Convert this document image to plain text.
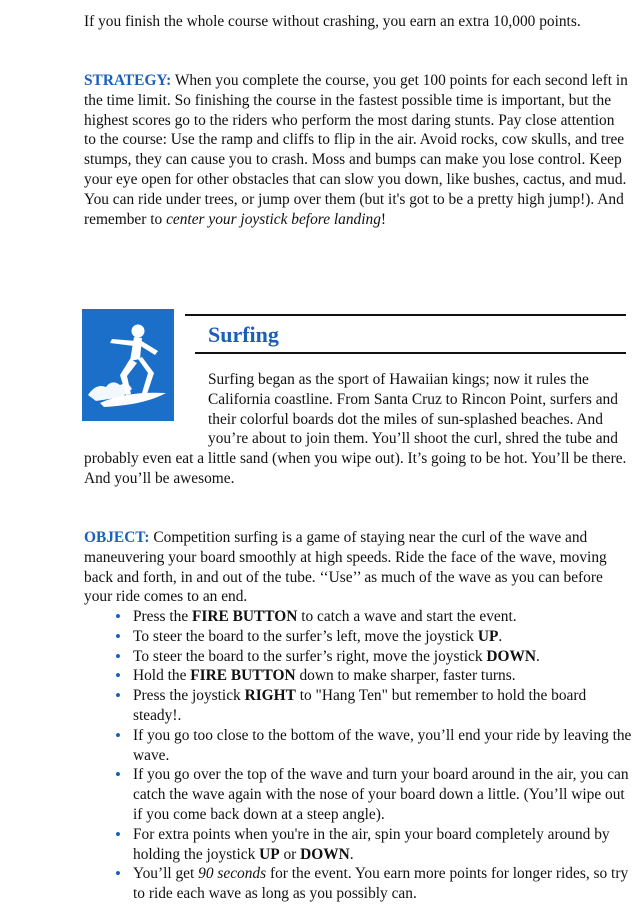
If you finish the whole course without crashing, you earn an extra 10,000 points.

STRATEGY: When you complete the course, you get 100 points for each second left in the time limit. So finishing the course in the fastest possible time is important, but the highest scores go to the riders who perform the most daring stunts. Pay close attention to the course: Use the ramp and cliffs to flip in the air. Avoid rocks, cow skulls, and tree stumps, they can cause you to crash. Moss and bumps can make you lose control. Keep your eye open for other obstacles that can slow you down, like bushes, cactus, and mud. You can ride under trees, or jump over them (but it's got to be a pretty high jump!). And remember to center your joystick before landing!

Surfing

Surfing began as the sport of Hawaiian kings; now it rules the California coastline. From Santa Cruz to Rincon Point, surfers and their colorful boards dot the miles of sun-splashed beaches. And you’re about to join them. You’ll shoot the curl, shred the tube and probably even eat a little sand (when you wipe out). It’s going to be hot. You’ll be there. And you’ll be awesome.

OBJECT: Competition surfing is a game of staying near the curl of the wave and maneuvering your board smoothly at high speeds. Ride the face of the wave, moving back and forth, in and out of the tube. ‘‘Use’’ as much of the wave as you can before your ride comes to an end.

• Press the FIRE BUTTON to catch a wave and start the event.
• To steer the board to the surfer’s left, move the joystick UP.
• To steer the board to the surfer’s right, move the joystick DOWN.
• Hold the FIRE BUTTON down to make sharper, faster turns.
• Press the joystick RIGHT to "Hang Ten" but remember to hold the board steady!.
• If you go too close to the bottom of the wave, you’ll end your ride by leaving the wave.
• If you go over the top of the wave and turn your board around in the air, you can catch the wave again with the nose of your board down a little. (You’ll wipe out if you come back down at a steep angle).
• For extra points when you're in the air, spin your board completely around by holding the joystick UP or DOWN.
• You’ll get 90 seconds for the event. You earn more points for longer rides, so try to ride each wave as long as you possibly can.
